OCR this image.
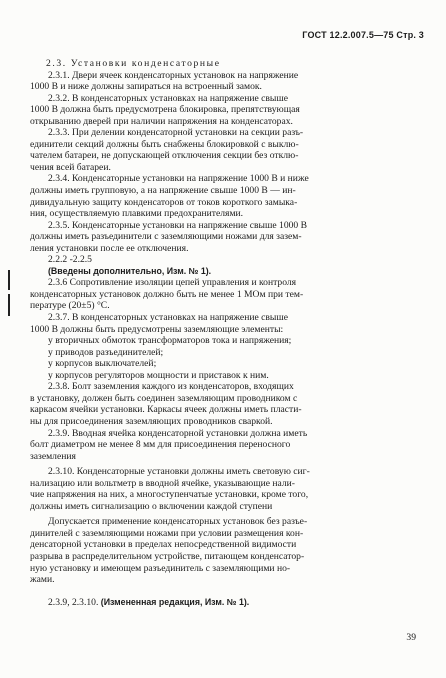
ГОСТ 12.2.007.5—75 Стр. 3
2.3. Установки конденсаторные
2.3.1. Двери ячеек конденсаторных установок на напряжение
1000 В и ниже должны запираться на встроенный замок.
2.3.2. В конденсаторных установках на напряжение свыше
1000 В должна быть предусмотрена блокировка, препятствующая
открыванию дверей при наличии напряжения на конденсаторах.
2.3.3. При делении конденсаторной установки на секции разъ-
единители секций должны быть снабжены блокировкой с выклю-
чателем батареи, не допускающей отключения секции без отклю-
чения всей батареи.
2.3.4. Конденсаторные установки на напряжение 1000 В и ниже
должны иметь групповую, а на напряжение свыше 1000 В — ин-
дивидуальную защиту конденсаторов от токов короткого замыка-
ния, осуществляемую плавкими предохранителями.
2.3.5. Конденсаторные установки на напряжение свыше 1000 В
должны иметь разъединители с заземляющими ножами для зазем-
ления установки после ее отключения.
2.2.2 -2.2.5
(Введены дополнительно, Изм. № 1).
2.3.6 Сопротивление изоляции цепей управления и контроля
конденсаторных установок должно быть не менее 1 МОм при тем-
пературе (20±5) °С.
2.3.7. В конденсаторных установках на напряжение свыше
1000 В должны быть предусмотрены заземляющие элементы:
у вторичных обмоток трансформаторов тока и напряжения;
у приводов разъединителей;
у корпусов выключателей;
у корпусов регуляторов мощности и приставок к ним.
2.3.8. Болт заземления каждого из конденсаторов, входящих
в установку, должен быть соединен заземляющим проводником с
каркасом ячейки установки. Каркасы ячеек должны иметь пласти-
ны для присоединения заземляющих проводников сваркой.
2.3.9. Вводная ячейка конденсаторной установки должна иметь
болт диаметром не менее 8 мм для присоединения переносного
заземления
2.3.10. Конденсаторные установки должны иметь световую сиг-
нализацию или вольтметр в вводной ячейке, указывающие нали-
чие напряжения на них, а многоступенчатые установки, кроме того,
должны иметь сигнализацию о включении каждой ступени
Допускается применение конденсаторных установок без разъе-
динителей с заземляющими ножами при условии размещения кон-
денсаторной установки в пределах непосредственной видимости
разрыва в распределительном устройстве, питающем конденсатор-
ную установку и имеющем разъединитель с заземляющими но-
жами.
2.3.9, 2.3.10. (Измененная редакция, Изм. № 1).
39
